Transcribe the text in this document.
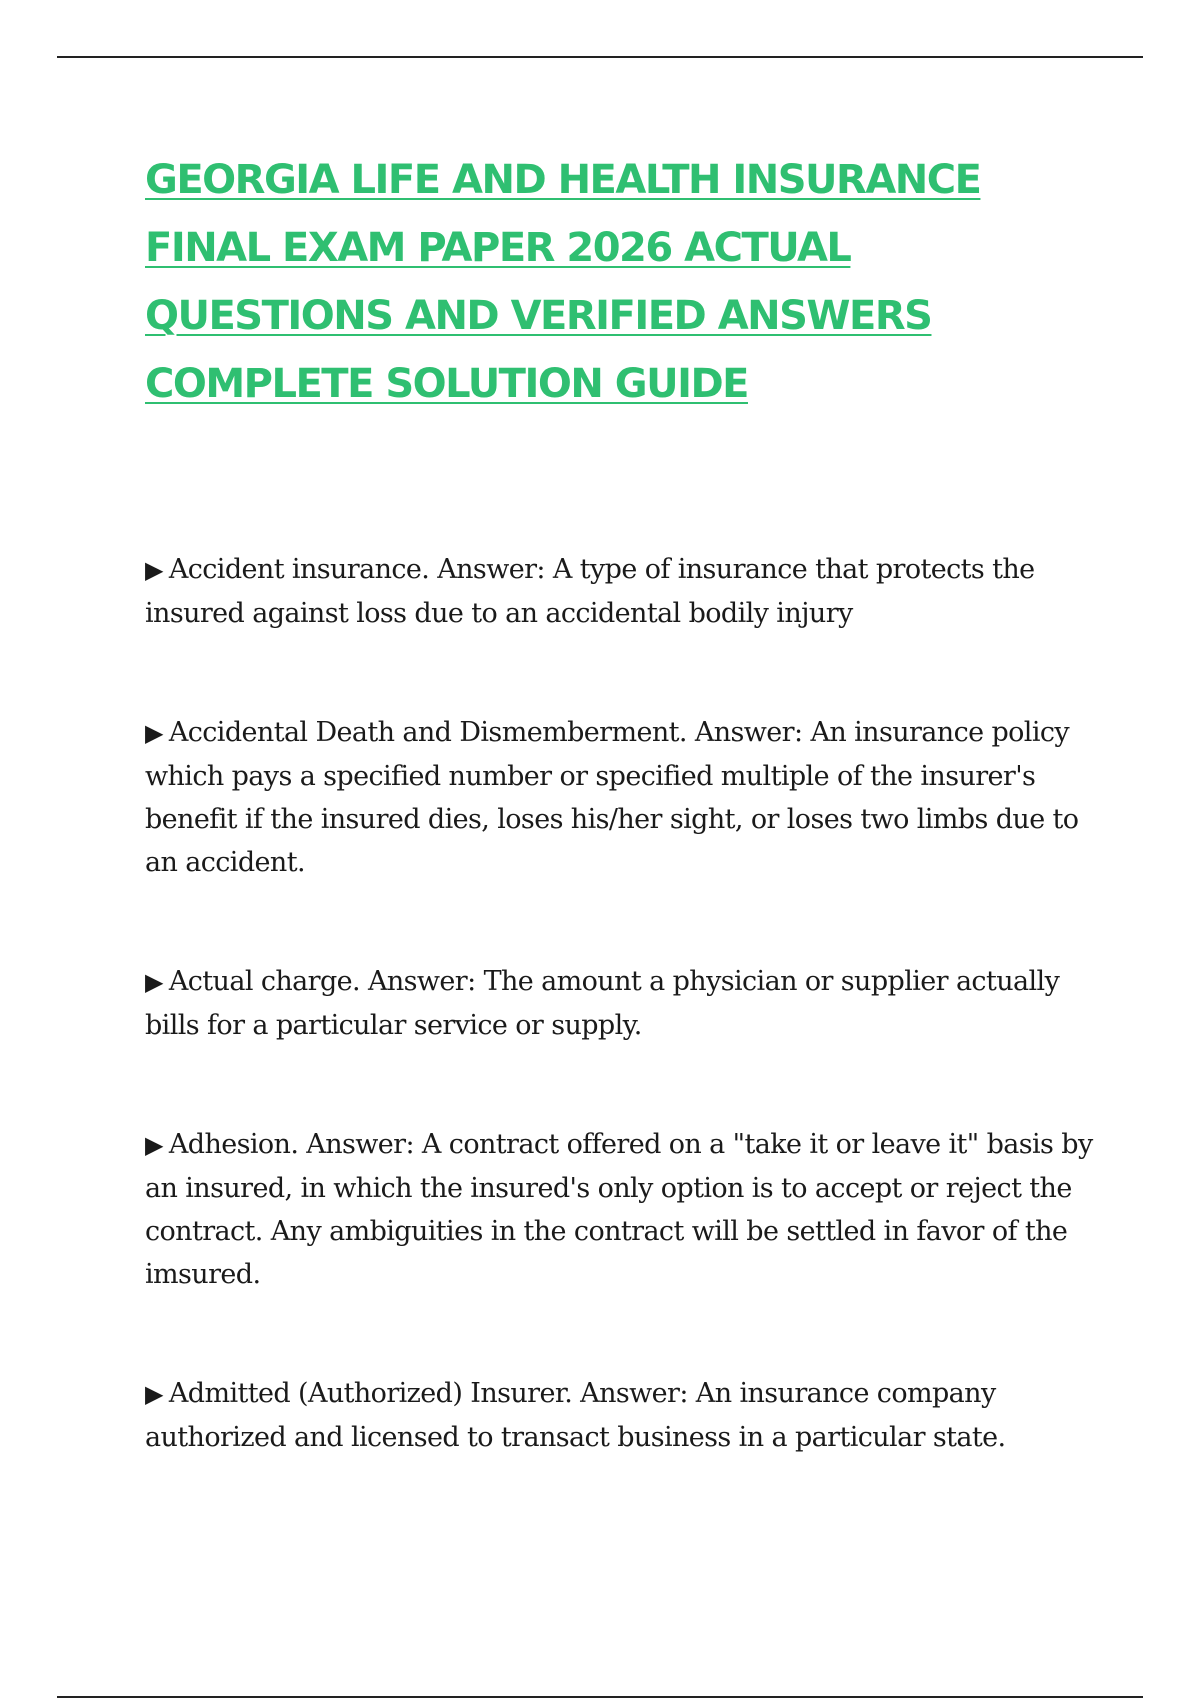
GEORGIA LIFE AND HEALTH INSURANCE FINAL EXAM PAPER 2026 ACTUAL QUESTIONS AND VERIFIED ANSWERS COMPLETE SOLUTION GUIDE

▶ Accident insurance. Answer: A type of insurance that protects the insured against loss due to an accidental bodily injury

▶ Accidental Death and Dismemberment. Answer: An insurance policy which pays a specified number or specified multiple of the insurer's benefit if the insured dies, loses his/her sight, or loses two limbs due to an accident.

▶ Actual charge. Answer: The amount a physician or supplier actually bills for a particular service or supply.

▶ Adhesion. Answer: A contract offered on a "take it or leave it" basis by an insured, in which the insured's only option is to accept or reject the contract. Any ambiguities in the contract will be settled in favor of the imsured.

▶ Admitted (Authorized) Insurer. Answer: An insurance company authorized and licensed to transact business in a particular state.
